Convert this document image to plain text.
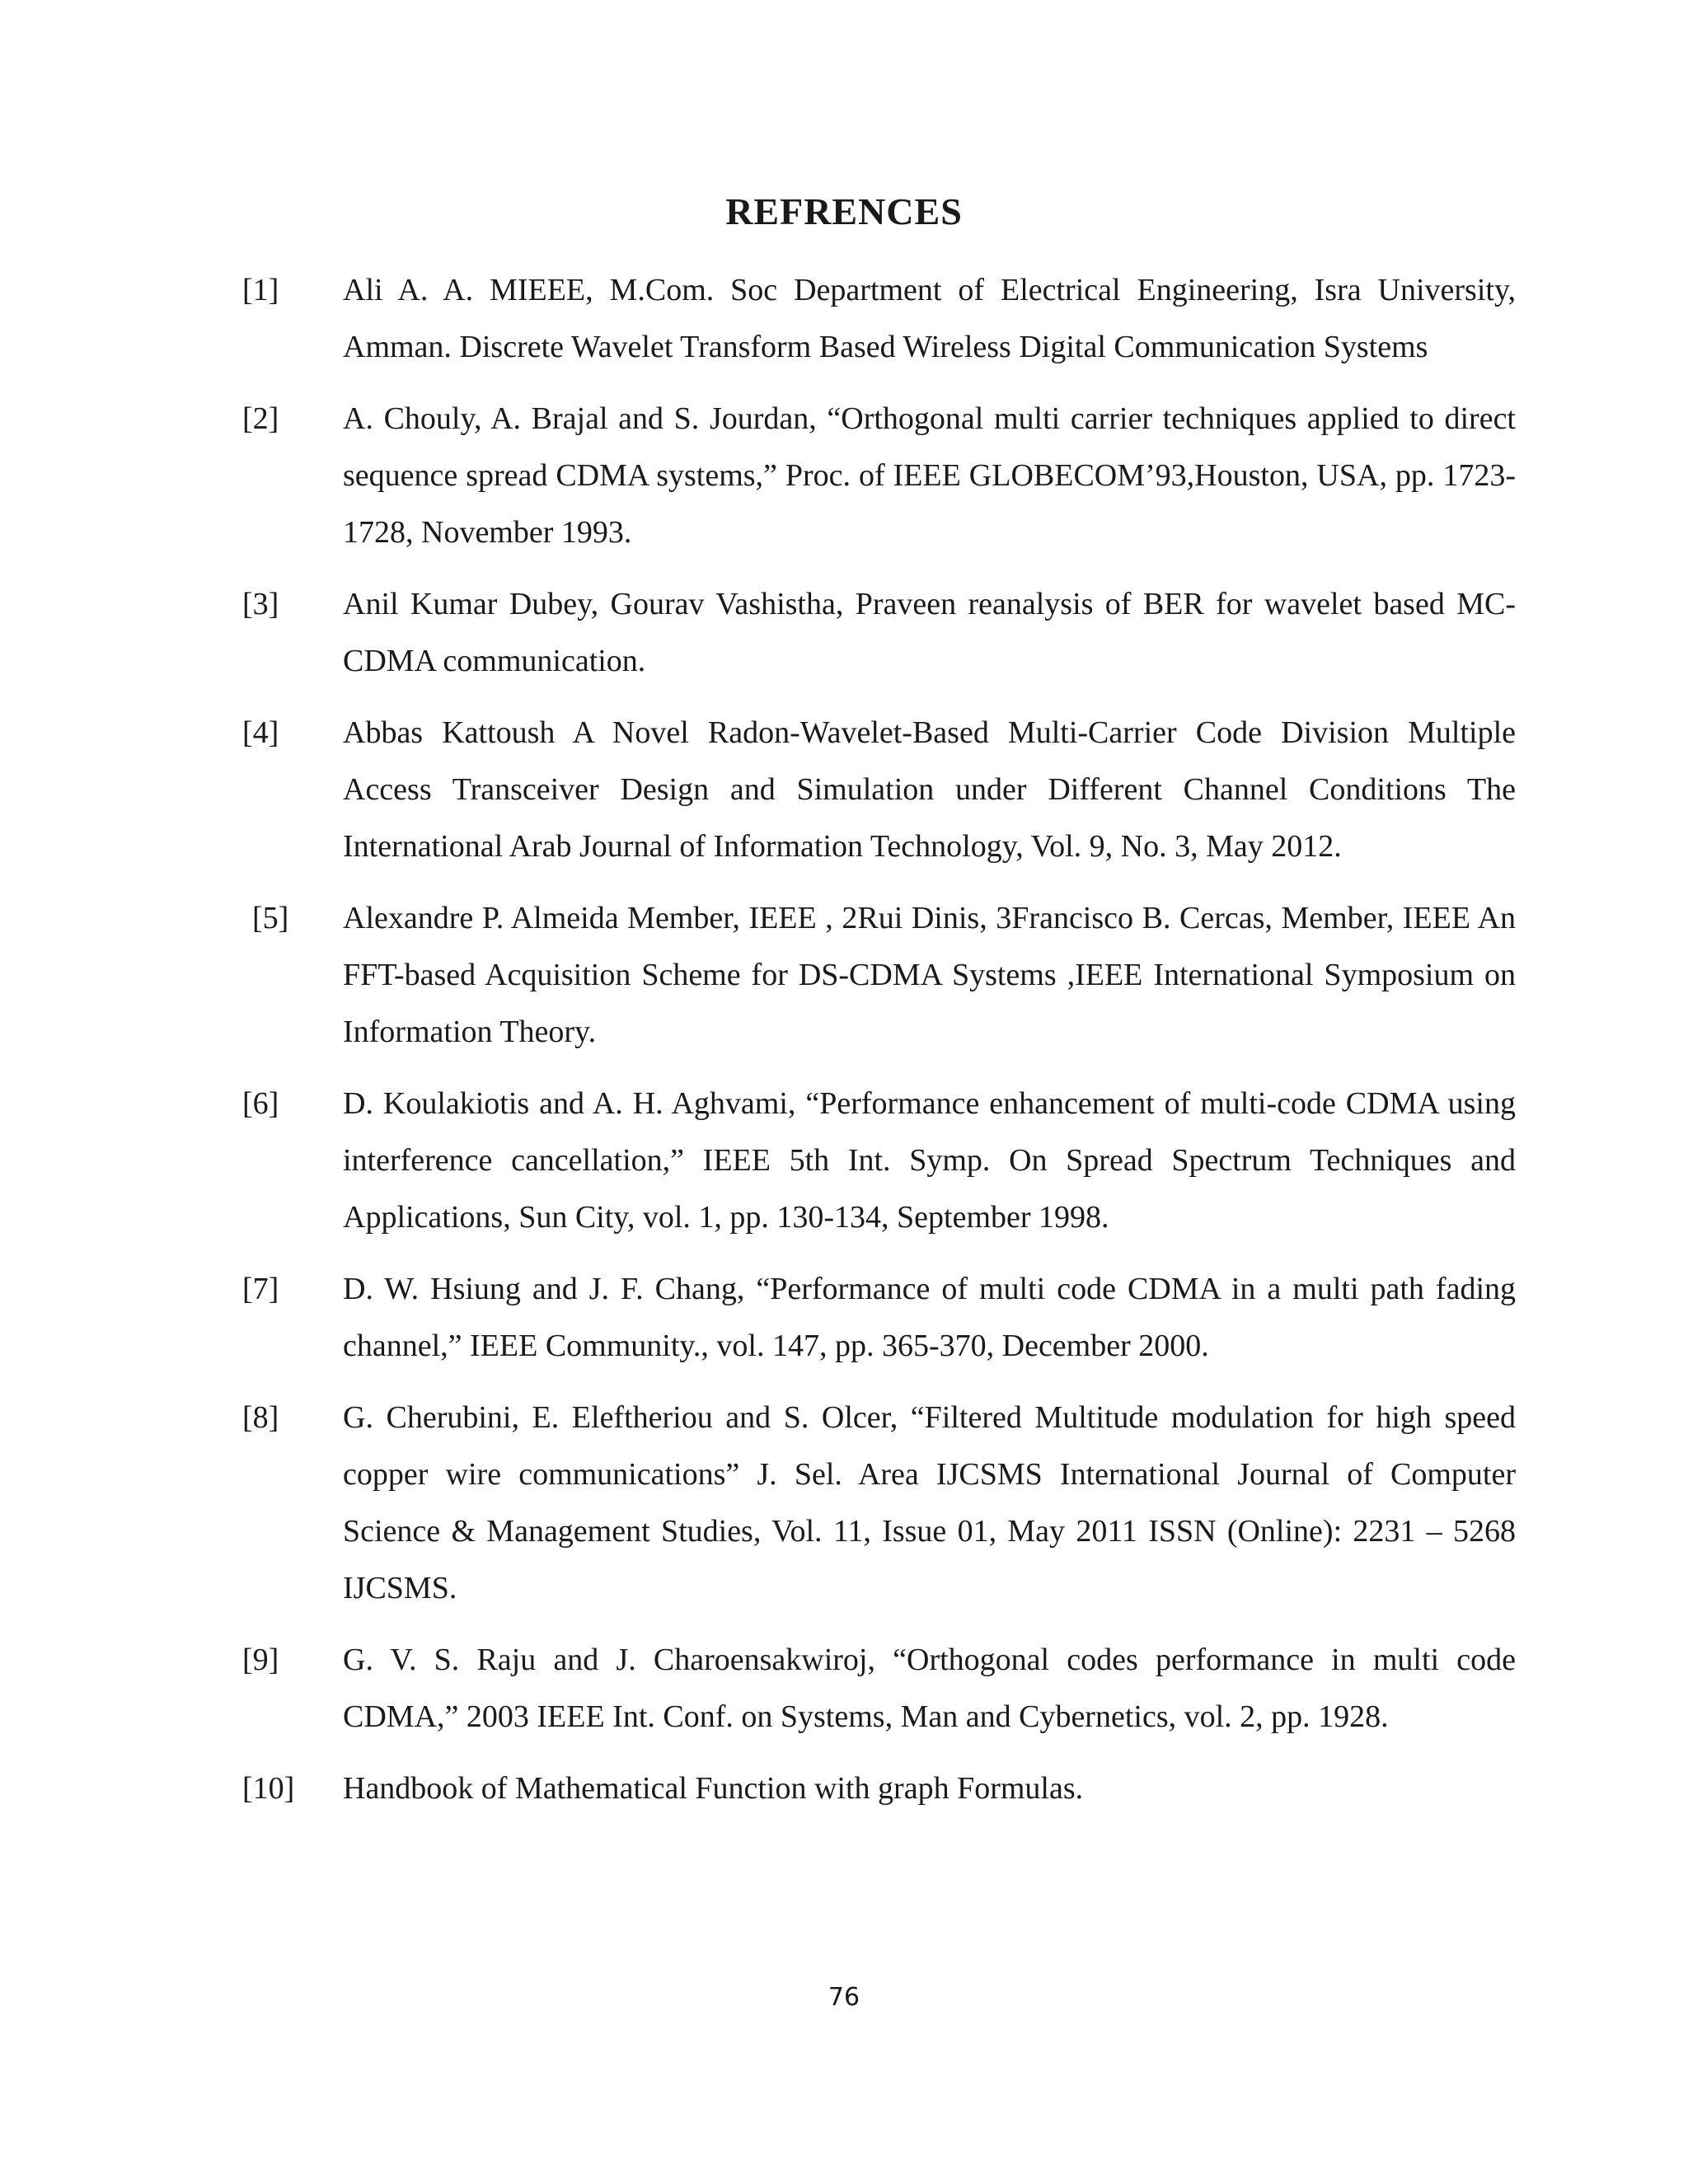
REFRENCES
[1] Ali A. A. MIEEE, M.Com. Soc Department of Electrical Engineering, Isra University, Amman. Discrete Wavelet Transform Based Wireless Digital Communication Systems
[2] A. Chouly, A. Brajal and S. Jourdan, “Orthogonal multi carrier techniques applied to direct sequence spread CDMA systems,” Proc. of IEEE GLOBECOM’93,Houston, USA, pp. 1723-1728, November 1993.
[3] Anil Kumar Dubey, Gourav Vashistha, Praveen reanalysis of BER for wavelet based MC-CDMA communication.
[4] Abbas Kattoush A Novel Radon-Wavelet-Based Multi-Carrier Code Division Multiple Access Transceiver Design and Simulation under Different Channel Conditions The International Arab Journal of Information Technology, Vol. 9, No. 3, May 2012.
[5] Alexandre P. Almeida Member, IEEE , 2Rui Dinis, 3Francisco B. Cercas, Member, IEEE An FFT-based Acquisition Scheme for DS-CDMA Systems ,IEEE International Symposium on Information Theory.
[6] D. Koulakiotis and A. H. Aghvami, “Performance enhancement of multi-code CDMA using interference cancellation,” IEEE 5th Int. Symp. On Spread Spectrum Techniques and Applications, Sun City, vol. 1, pp. 130-134, September 1998.
[7] D. W. Hsiung and J. F. Chang, “Performance of multi code CDMA in a multi path fading channel,” IEEE Community., vol. 147, pp. 365-370, December 2000.
[8] G. Cherubini, E. Eleftheriou and S. Olcer, “Filtered Multitude modulation for high speed copper wire communications” J. Sel. Area IJCSMS International Journal of Computer Science & Management Studies, Vol. 11, Issue 01, May 2011 ISSN (Online): 2231 – 5268 IJCSMS.
[9] G. V. S. Raju and J. Charoensakwiroj, “Orthogonal codes performance in multi code CDMA,” 2003 IEEE Int. Conf. on Systems, Man and Cybernetics, vol. 2, pp. 1928.
[10] Handbook of Mathematical Function with graph Formulas.
76
